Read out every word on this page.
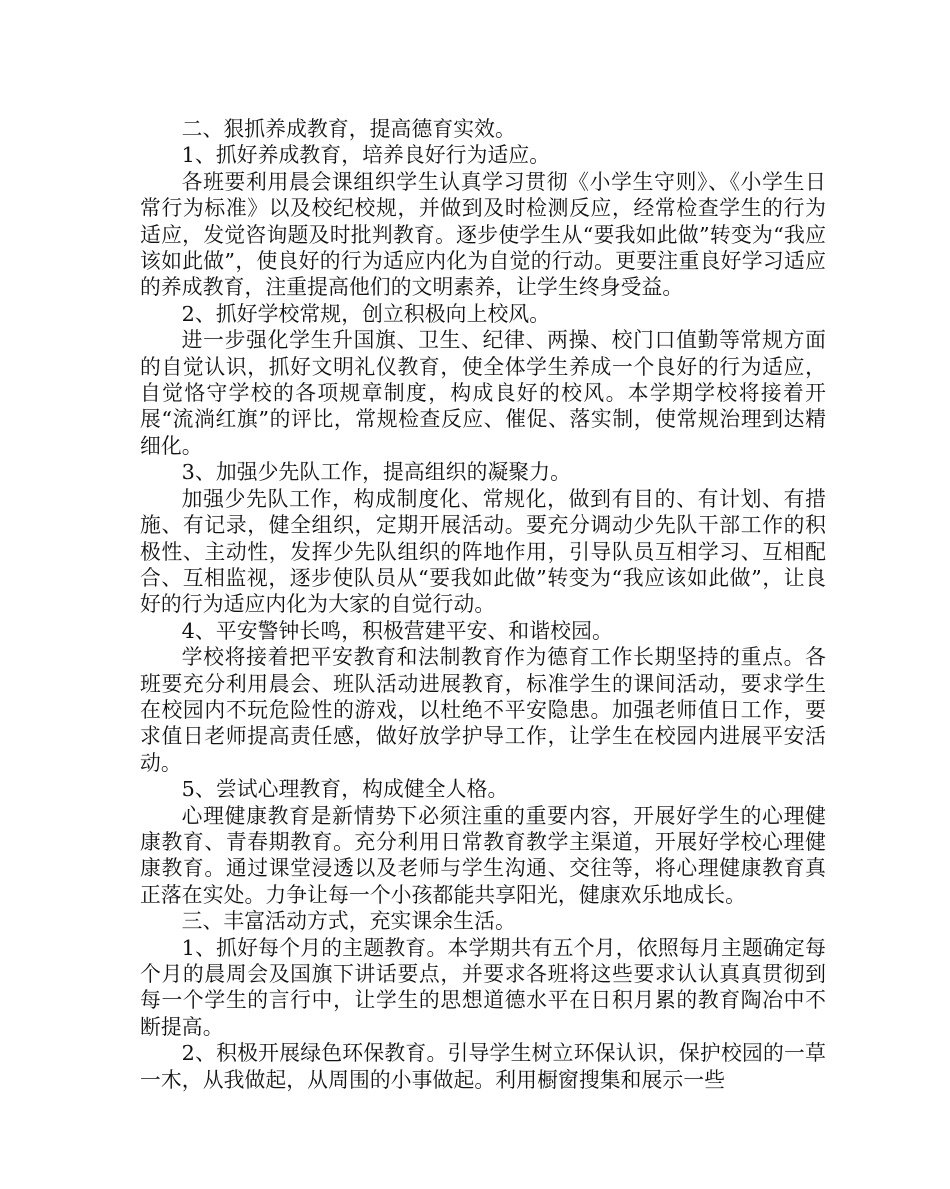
二、狠抓养成教育，提高德育实效。

1、抓好养成教育，培养良好行为适应。

各班要利用晨会课组织学生认真学习贯彻《小学生守则》、《小学生日常行为标准》以及校纪校规，并做到及时检测反应，经常检查学生的行为适应，发觉咨询题及时批判教育。逐步使学生从“要我如此做”转变为“我应该如此做”，使良好的行为适应内化为自觉的行动。更要注重良好学习适应的养成教育，注重提高他们的文明素养，让学生终身受益。

2、抓好学校常规，创立积极向上校风。

进一步强化学生升国旗、卫生、纪律、两操、校门口值勤等常规方面的自觉认识，抓好文明礼仪教育，使全体学生养成一个良好的行为适应，自觉恪守学校的各项规章制度，构成良好的校风。本学期学校将接着开展“流淌红旗”的评比，常规检查反应、催促、落实制，使常规治理到达精细化。

3、加强少先队工作，提高组织的凝聚力。

加强少先队工作，构成制度化、常规化，做到有目的、有计划、有措施、有记录，健全组织，定期开展活动。要充分调动少先队干部工作的积极性、主动性，发挥少先队组织的阵地作用，引导队员互相学习、互相配合、互相监视，逐步使队员从“要我如此做”转变为“我应该如此做”，让良好的行为适应内化为大家的自觉行动。

4、平安警钟长鸣，积极营建平安、和谐校园。

学校将接着把平安教育和法制教育作为德育工作长期坚持的重点。各班要充分利用晨会、班队活动进展教育，标准学生的课间活动，要求学生在校园内不玩危险性的游戏，以杜绝不平安隐患。加强老师值日工作，要求值日老师提高责任感，做好放学护导工作，让学生在校园内进展平安活动。

5、尝试心理教育，构成健全人格。

心理健康教育是新情势下必须注重的重要内容，开展好学生的心理健康教育、青春期教育。充分利用日常教育教学主渠道，开展好学校心理健康教育。通过课堂浸透以及老师与学生沟通、交往等，将心理健康教育真正落在实处。力争让每一个小孩都能共享阳光，健康欢乐地成长。

三、丰富活动方式，充实课余生活。

1、抓好每个月的主题教育。本学期共有五个月，依照每月主题确定每个月的晨周会及国旗下讲话要点，并要求各班将这些要求认认真真贯彻到每一个学生的言行中，让学生的思想道德水平在日积月累的教育陶冶中不断提高。

2、积极开展绿色环保教育。引导学生树立环保认识，保护校园的一草一木，从我做起，从周围的小事做起。利用橱窗搜集和展示一些
